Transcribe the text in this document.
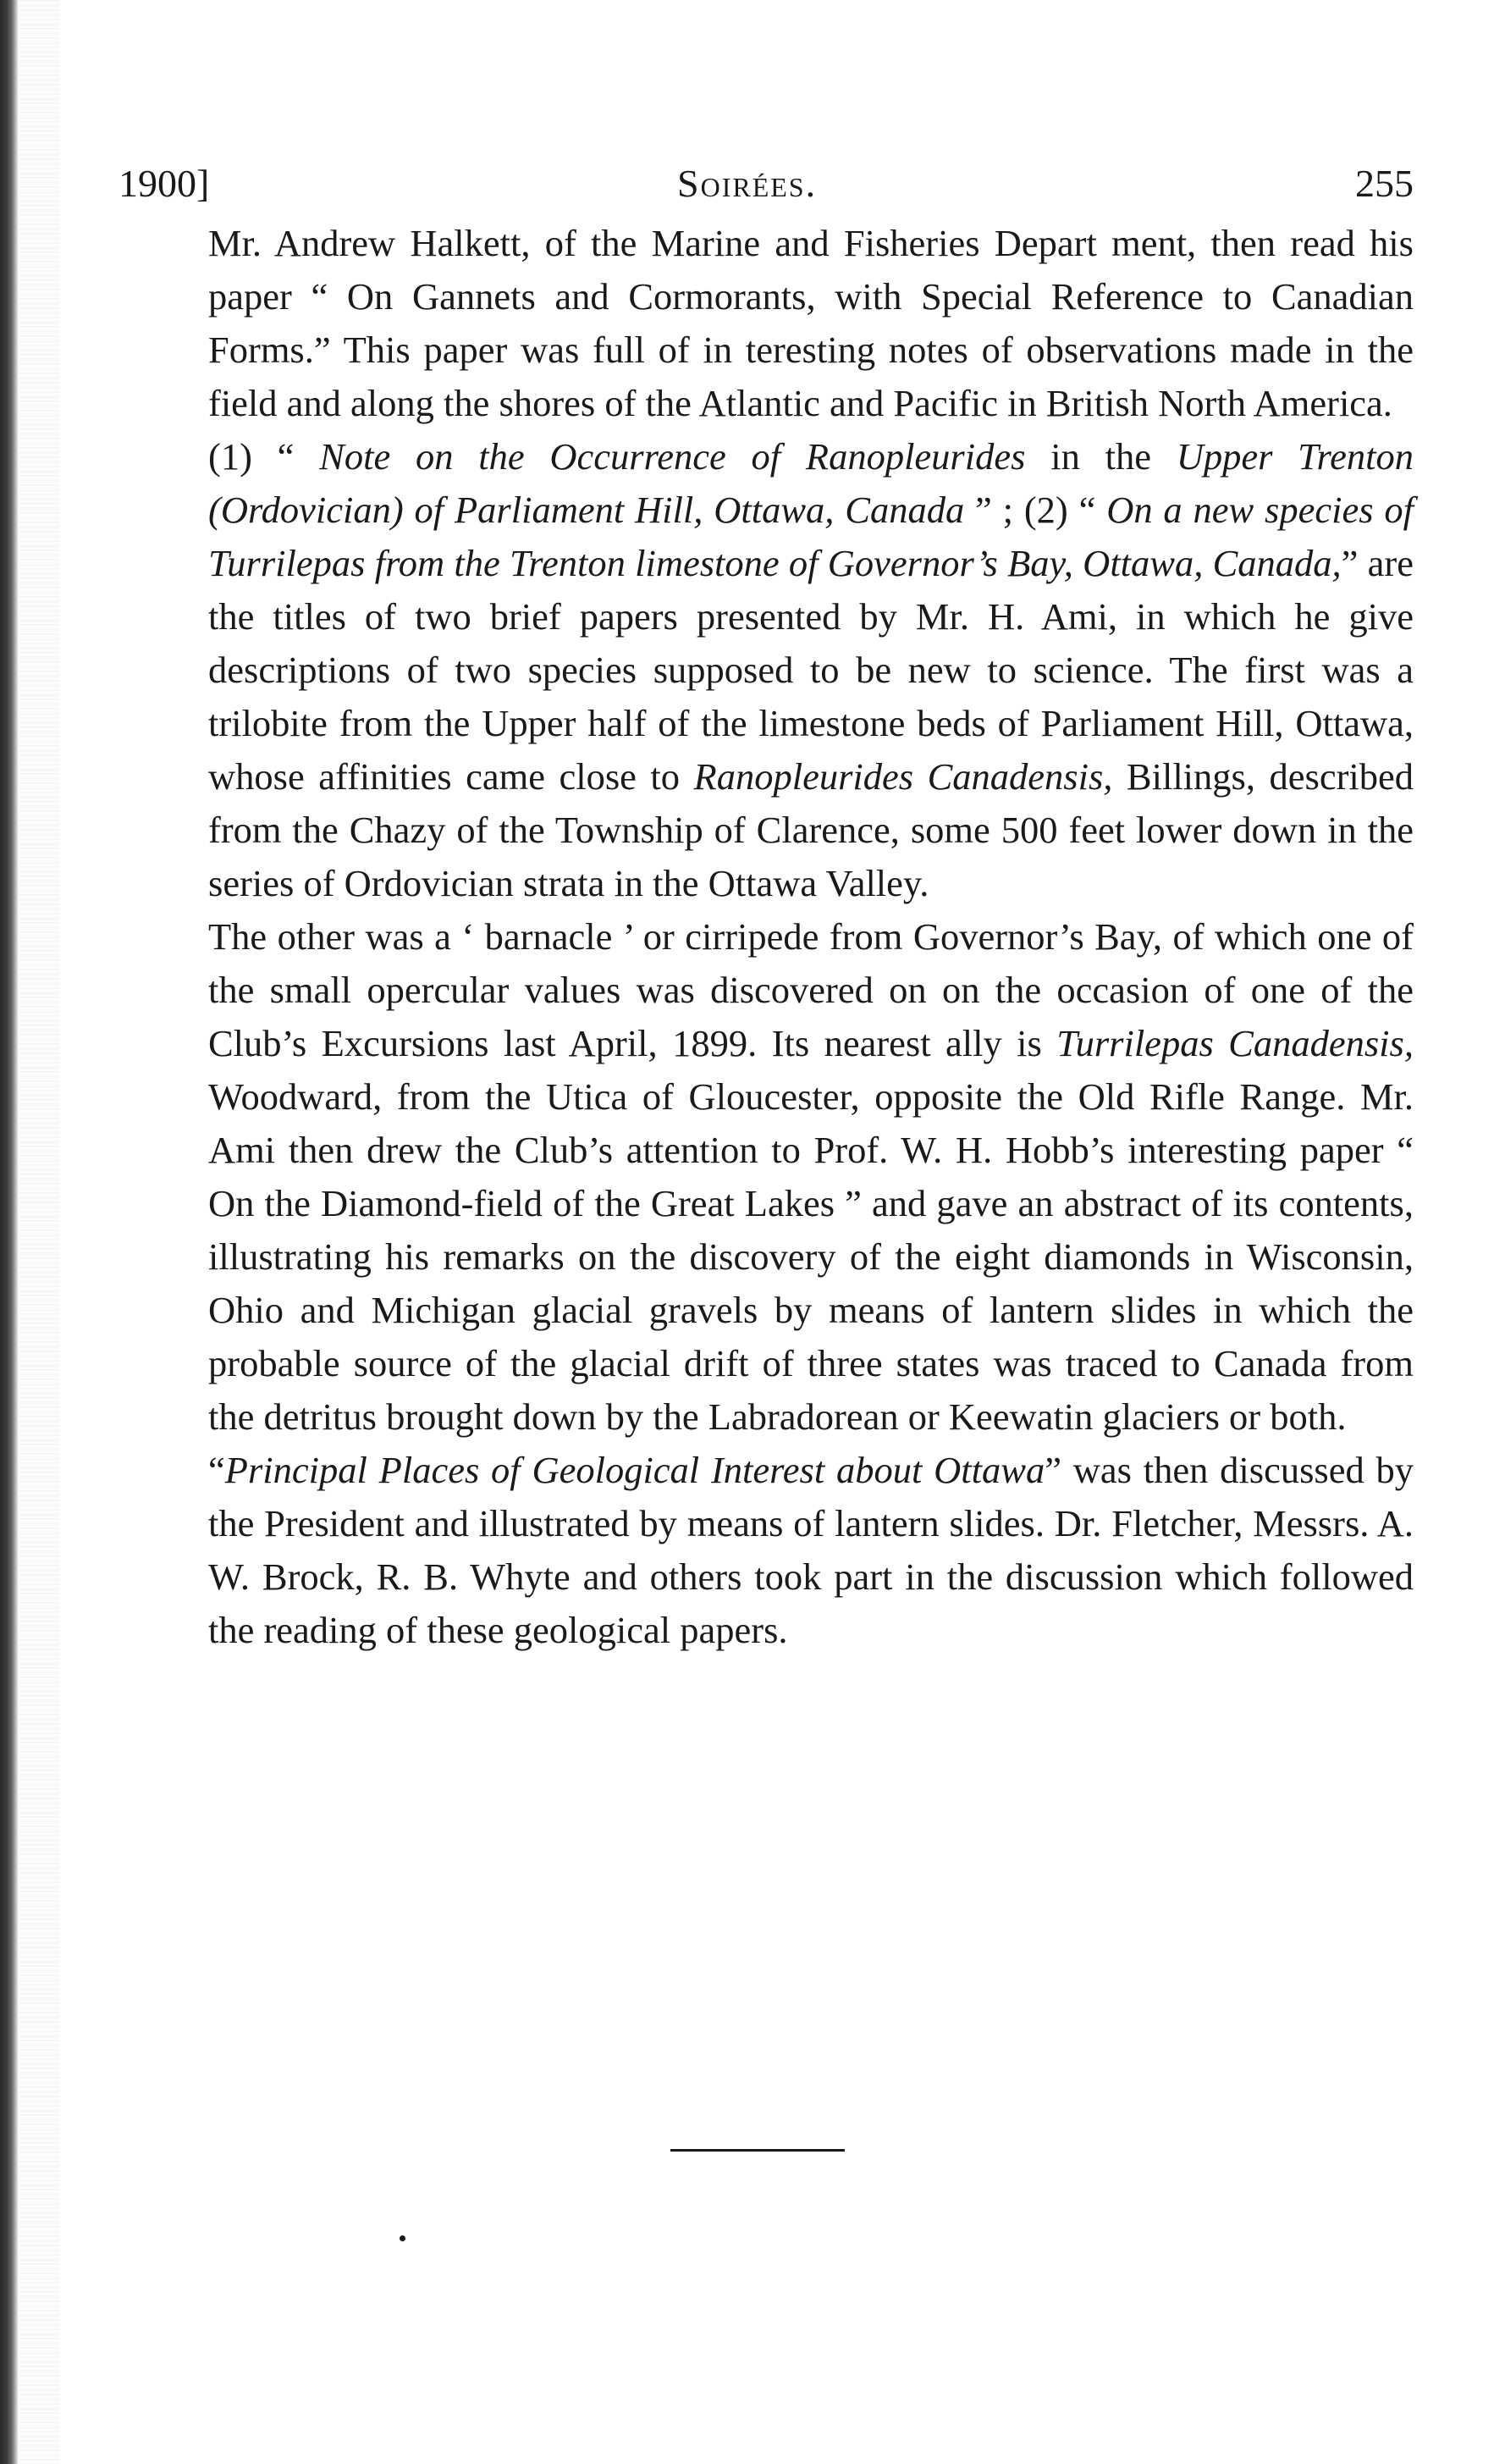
1900]	Soirées.	255

Mr. Andrew Halkett, of the Marine and Fisheries Depart ment, then read his paper “ On Gannets and Cormorants, with Special Reference to Canadian Forms.” This paper was full of in teresting notes of observations made in the field and along the shores of the Atlantic and Pacific in British North America.

(1) “ Note on the Occurrence of Ranopleurides in the Upper Trenton (Ordovician) of Parliament Hill, Ottawa, Canada ” ; (2) “ On a new species of Turrilepas from the Trenton limestone of Governor’s Bay, Ottawa, Canada,” are the titles of two brief papers presented by Mr. H. Ami, in which he give descriptions of two species supposed to be new to science. The first was a trilobite from the Upper half of the limestone beds of Parliament Hill, Ottawa, whose affinities came close to Ranopleurides Canadensis, Billings, described from the Chazy of the Township of Clarence, some 500 feet lower down in the series of Ordovician strata in the Ottawa Valley.

The other was a ‘ barnacle ’ or cirripede from Governor’s Bay, of which one of the small opercular values was discovered on on the occasion of one of the Club’s Excursions last April, 1899. Its nearest ally is Turrilepas Canadensis, Woodward, from the Utica of Gloucester, opposite the Old Rifle Range. Mr. Ami then drew the Club’s attention to Prof. W. H. Hobb’s interesting paper “ On the Diamond-field of the Great Lakes ” and gave an abstract of its contents, illustrating his remarks on the discovery of the eight diamonds in Wisconsin, Ohio and Michigan glacial gravels by means of lantern slides in which the probable source of the glacial drift of three states was traced to Canada from the detritus brought down by the Labradorean or Keewatin glaciers or both.

“Principal Places of Geological Interest about Ottawa” was then discussed by the President and illustrated by means of lantern slides. Dr. Fletcher, Messrs. A. W. Brock, R. B. Whyte and others took part in the discussion which followed the reading of these geological papers.
